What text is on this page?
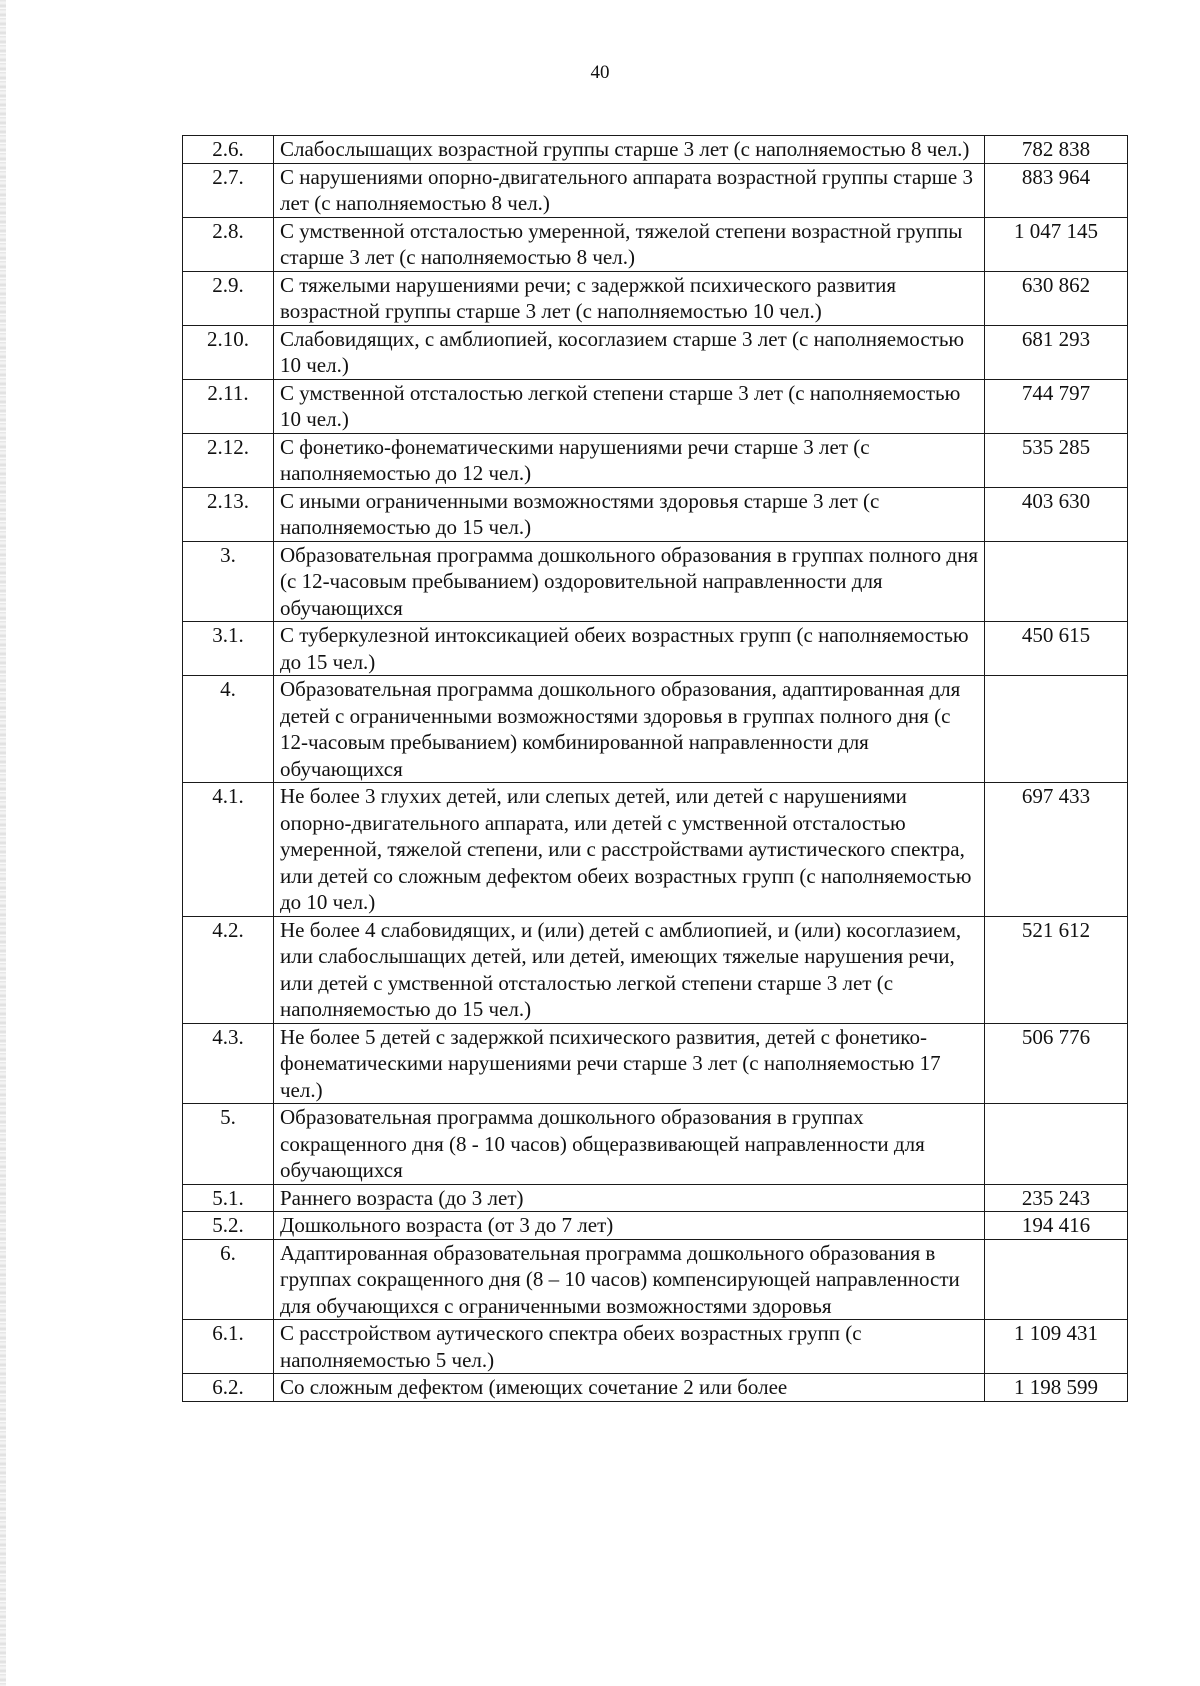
40
2.6.	Слабослышащих возрастной группы старше 3 лет (с наполняемостью 8 чел.)	782 838
2.7.	С нарушениями опорно-двигательного аппарата возрастной группы старше 3 лет (с наполняемостью 8 чел.)	883 964
2.8.	С умственной отсталостью умеренной, тяжелой степени возрастной группы старше 3 лет (с наполняемостью 8 чел.)	1 047 145
2.9.	С тяжелыми нарушениями речи; с задержкой психического развития возрастной группы старше 3 лет (с наполняемостью 10 чел.)	630 862
2.10.	Слабовидящих, с амблиопией, косоглазием старше 3 лет (с наполняемостью 10 чел.)	681 293
2.11.	С умственной отсталостью легкой степени старше 3 лет (с наполняемостью 10 чел.)	744 797
2.12.	С фонетико-фонематическими нарушениями речи старше 3 лет (с наполняемостью до 12 чел.)	535 285
2.13.	С иными ограниченными возможностями здоровья старше 3 лет (с наполняемостью до 15 чел.)	403 630
3.	Образовательная программа дошкольного образования в группах полного дня (с 12-часовым пребыванием) оздоровительной направленности для обучающихся	
3.1.	С туберкулезной интоксикацией обеих возрастных групп (с наполняемостью до 15 чел.)	450 615
4.	Образовательная программа дошкольного образования, адаптированная для детей с ограниченными возможностями здоровья в группах полного дня (с 12-часовым пребыванием) комбинированной направленности для обучающихся	
4.1.	Не более 3 глухих детей, или слепых детей, или детей с нарушениями опорно-двигательного аппарата, или детей с умственной отсталостью умеренной, тяжелой степени, или с расстройствами аутистического спектра, или детей со сложным дефектом обеих возрастных групп (с наполняемостью до 10 чел.)	697 433
4.2.	Не более 4 слабовидящих, и (или) детей с амблиопией, и (или) косоглазием, или слабослышащих детей, или детей, имеющих тяжелые нарушения речи, или детей с умственной отсталостью легкой степени старше 3 лет (с наполняемостью до 15 чел.)	521 612
4.3.	Не более 5 детей с задержкой психического развития, детей с фонетико-фонематическими нарушениями речи старше 3 лет (с наполняемостью 17 чел.)	506 776
5.	Образовательная программа дошкольного образования в группах сокращенного дня (8 - 10 часов) общеразвивающей направленности для обучающихся	
5.1.	Раннего возраста (до 3 лет)	235 243
5.2.	Дошкольного возраста (от 3 до 7 лет)	194 416
6.	Адаптированная образовательная программа дошкольного образования в группах сокращенного дня (8 – 10 часов) компенсирующей направленности для обучающихся с ограниченными возможностями здоровья	
6.1.	С расстройством аутического спектра обеих возрастных групп (с наполняемостью 5 чел.)	1 109 431
6.2.	Со сложным дефектом (имеющих сочетание 2 или более	1 198 599
